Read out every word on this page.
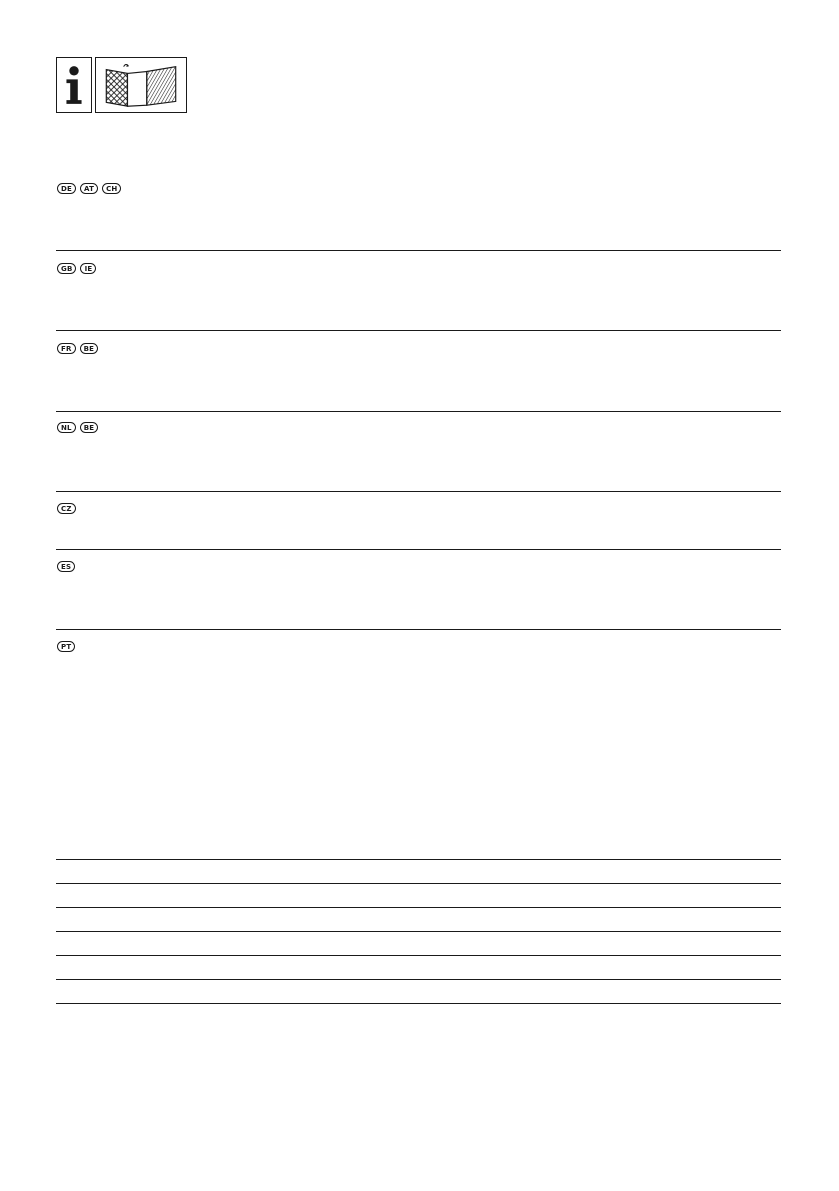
DE	AT	CH
GB	IE
FR	BE
NL	BE
CZ
ES
PT
